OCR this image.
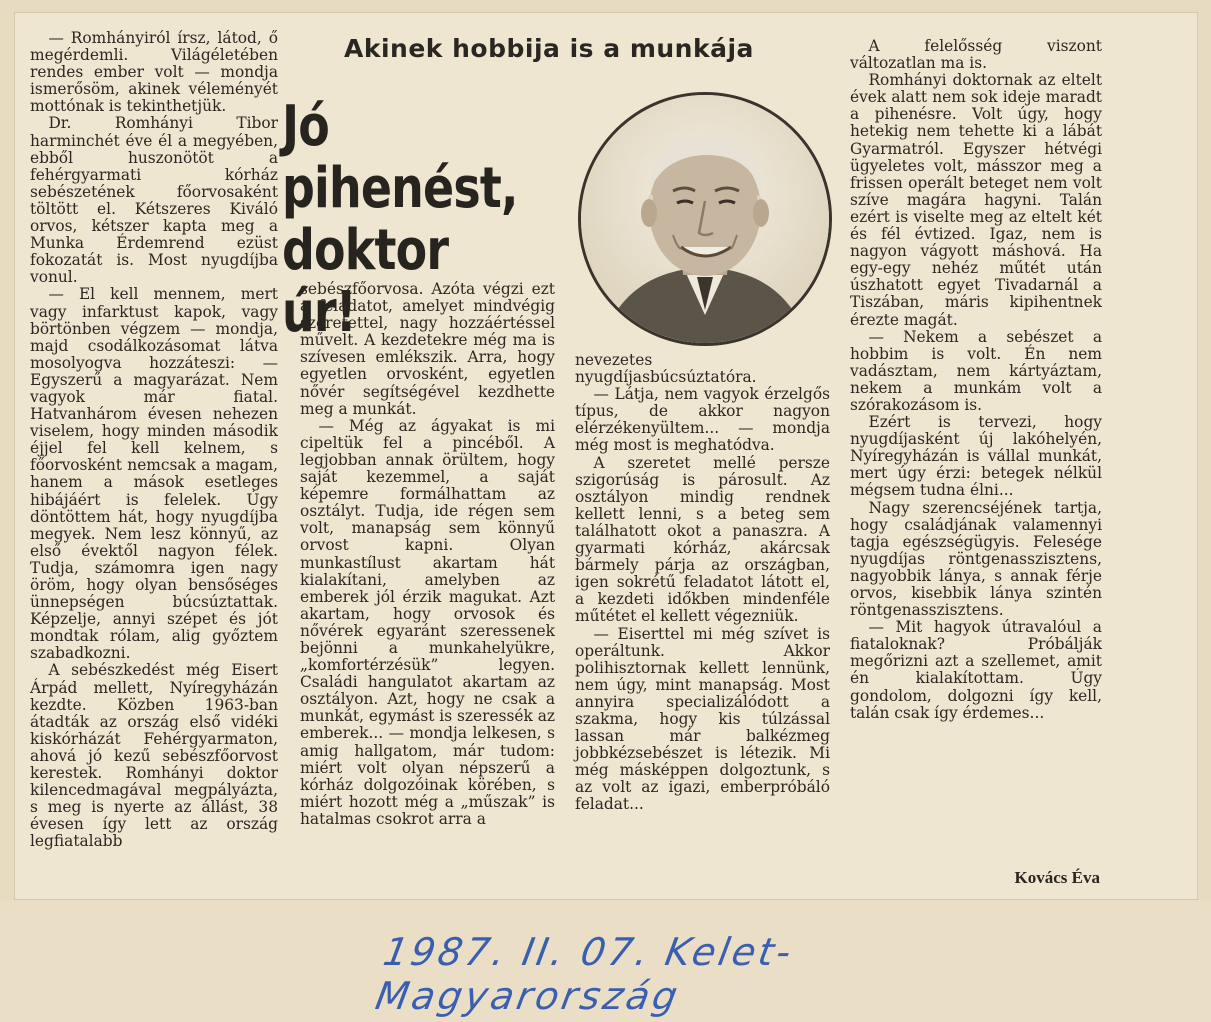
Akinek hobbija is a munkája
Jó pihenést,
doktor úr!

— Romhányiról írsz, látod, ő megérdemli. Világéletében rendes ember volt — mondja ismerősöm, akinek véleményét mottónak is tekinthetjük.

Dr. Romhányi Tibor harminchét éve él a megyében, ebből huszonötöt a fehérgyarmati kórház sebészetének főorvosaként töltött el. Kétszeres Kiváló orvos, kétszer kapta meg a Munka Érdemrend ezüst fokozatát is. Most nyugdíjba vonul.

— El kell mennem, mert vagy infarktust kapok, vagy börtönben végzem — mondja, majd csodálkozásomat látva mosolyogva hozzáteszi: — Egyszerű a magyarázat. Nem vagyok már fiatal. Hatvanhárom évesen nehezen viselem, hogy minden második éjjel fel kell kelnem, s főorvosként nemcsak a magam, hanem a mások esetleges hibájáért is felelek. Úgy döntöttem hát, hogy nyugdíjba megyek. Nem lesz könnyű, az első évektől nagyon félek. Tudja, számomra igen nagy öröm, hogy olyan bensőséges ünnepségen búcsúztattak. Képzelje, annyi szépet és jót mondtak rólam, alig győztem szabadkozni.

A sebészkedést még Eisert Árpád mellett, Nyíregyházán kezdte. Közben 1963-ban átadták az ország első vidéki kiskórházát Fehérgyarmaton, ahová jó kezű sebészfőorvost kerestek. Romhányi doktor kilencedmagával megpályázta, s meg is nyerte az állást, 38 évesen így lett az ország legfiatalabb

sebészfőorvosa. Azóta végzi ezt a feladatot, amelyet mindvégig szeretettel, nagy hozzáértéssel művelt. A kezdetekre még ma is szívesen emlékszik. Arra, hogy egyetlen orvosként, egyetlen nővér segítségével kezdhette meg a munkát.

— Még az ágyakat is mi cipeltük fel a pincéből. A legjobban annak örültem, hogy saját kezemmel, a saját képemre formálhattam az osztályt. Tudja, ide régen sem volt, manapság sem könnyű orvost kapni. Olyan munkastílust akartam hát kialakítani, amelyben az emberek jól érzik magukat. Azt akartam, hogy orvosok és nővérek egyaránt szeressenek bejönni a munkahelyükre, „komfortérzésük” legyen. Családi hangulatot akartam az osztályon. Azt, hogy ne csak a munkát, egymást is szeressék az emberek... — mondja lelkesen, s amig hallgatom, már tudom: miért volt olyan népszerű a kórház dolgozóinak körében, s miért hozott még a „műszak” is hatalmas csokrot arra a

nevezetes nyugdíjasbúcsúztatóra.

— Látja, nem vagyok érzelgős típus, de akkor nagyon elérzékenyültem... — mondja még most is meghatódva.

A szeretet mellé persze szigorúság is párosult. Az osztályon mindig rendnek kellett lenni, s a beteg sem találhatott okot a panaszra. A gyarmati kórház, akárcsak bármely párja az országban, igen sokrétű feladatot látott el, a kezdeti időkben mindenféle műtétet el kellett végezniük.

— Eiserttel mi még szívet is operáltunk. Akkor polihisztornak kellett lennünk, nem úgy, mint manapság. Most annyira specializálódott a szakma, hogy kis túlzással lassan már balkézmeg jobbkézsebészet is létezik. Mi még másképpen dolgoztunk, s az volt az igazi, emberpróbáló feladat...

A felelősség viszont változatlan ma is.

Romhányi doktornak az eltelt évek alatt nem sok ideje maradt a pihenésre. Volt úgy, hogy hetekig nem tehette ki a lábát Gyarmatról. Egyszer hétvégi ügyeletes volt, másszor meg a frissen operált beteget nem volt szíve magára hagyni. Talán ezért is viselte meg az eltelt két és fél évtized. Igaz, nem is nagyon vágyott máshová. Ha egy-egy nehéz műtét után úszhatott egyet Tivadarnál a Tiszában, máris kipihentnek érezte magát.

— Nekem a sebészet a hobbim is volt. Én nem vadásztam, nem kártyáztam, nekem a munkám volt a szórakozásom is.

Ezért is tervezi, hogy nyugdíjasként új lakóhelyén, Nyíregyházán is vállal munkát, mert úgy érzi: betegek nélkül mégsem tudna élni...

Nagy szerencséjének tartja, hogy családjának valamennyi tagja egészségügyis. Felesége nyugdíjas röntgenasszisztens, nagyobbik lánya, s annak férje orvos, kisebbik lánya szintén röntgenasszisztens.

— Mit hagyok útravalóul a fiataloknak? Próbálják megőrizni azt a szellemet, amit én kialakítottam. Úgy gondolom, dolgozni így kell, talán csak így érdemes...

Kovács Éva
1987. II. 07. Kelet-Magyarország
